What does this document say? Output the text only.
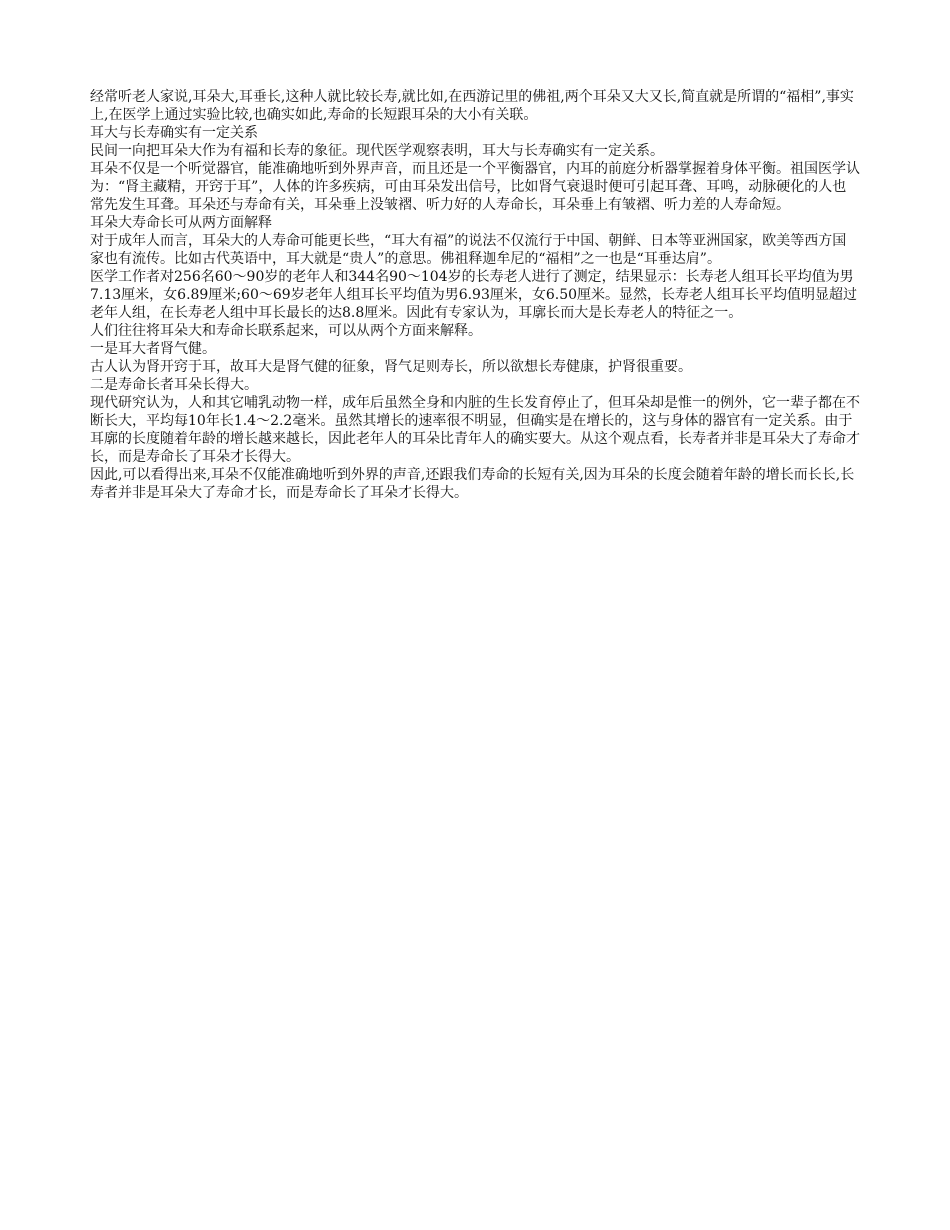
经常听老人家说,耳朵大,耳垂长,这种人就比较长寿,就比如,在西游记里的佛祖,两个耳朵又大又长,简直就是所谓的“福相”,事实上,在医学上通过实验比较,也确实如此,寿命的长短跟耳朵的大小有关联。

耳大与长寿确实有一定关系

民间一向把耳朵大作为有福和长寿的象征。现代医学观察表明，耳大与长寿确实有一定关系。

耳朵不仅是一个听觉器官，能准确地听到外界声音，而且还是一个平衡器官，内耳的前庭分析器掌握着身体平衡。祖国医学认为：“肾主藏精，开窍于耳”，人体的许多疾病，可由耳朵发出信号，比如肾气衰退时便可引起耳聋、耳鸣，动脉硬化的人也常先发生耳聋。耳朵还与寿命有关，耳朵垂上没皱褶、听力好的人寿命长，耳朵垂上有皱褶、听力差的人寿命短。

耳朵大寿命长可从两方面解释

对于成年人而言，耳朵大的人寿命可能更长些，“耳大有福”的说法不仅流行于中国、朝鲜、日本等亚洲国家，欧美等西方国家也有流传。比如古代英语中，耳大就是“贵人”的意思。佛祖释迦牟尼的“福相”之一也是“耳垂达肩”。

医学工作者对256名60～90岁的老年人和344名90～104岁的长寿老人进行了测定，结果显示：长寿老人组耳长平均值为男7.13厘米，女6.89厘米;60～69岁老年人组耳长平均值为男6.93厘米，女6.50厘米。显然，长寿老人组耳长平均值明显超过老年人组，在长寿老人组中耳长最长的达8.8厘米。因此有专家认为，耳廓长而大是长寿老人的特征之一。

人们往往将耳朵大和寿命长联系起来，可以从两个方面来解释。

一是耳大者肾气健。

古人认为肾开窍于耳，故耳大是肾气健的征象，肾气足则寿长，所以欲想长寿健康，护肾很重要。

二是寿命长者耳朵长得大。

现代研究认为，人和其它哺乳动物一样，成年后虽然全身和内脏的生长发育停止了，但耳朵却是惟一的例外，它一辈子都在不断长大，平均每10年长1.4～2.2毫米。虽然其增长的速率很不明显，但确实是在增长的，这与身体的器官有一定关系。由于耳廓的长度随着年龄的增长越来越长，因此老年人的耳朵比青年人的确实要大。从这个观点看，长寿者并非是耳朵大了寿命才长，而是寿命长了耳朵才长得大。

因此,可以看得出来,耳朵不仅能准确地听到外界的声音,还跟我们寿命的长短有关,因为耳朵的长度会随着年龄的增长而长长,长寿者并非是耳朵大了寿命才长，而是寿命长了耳朵才长得大。
